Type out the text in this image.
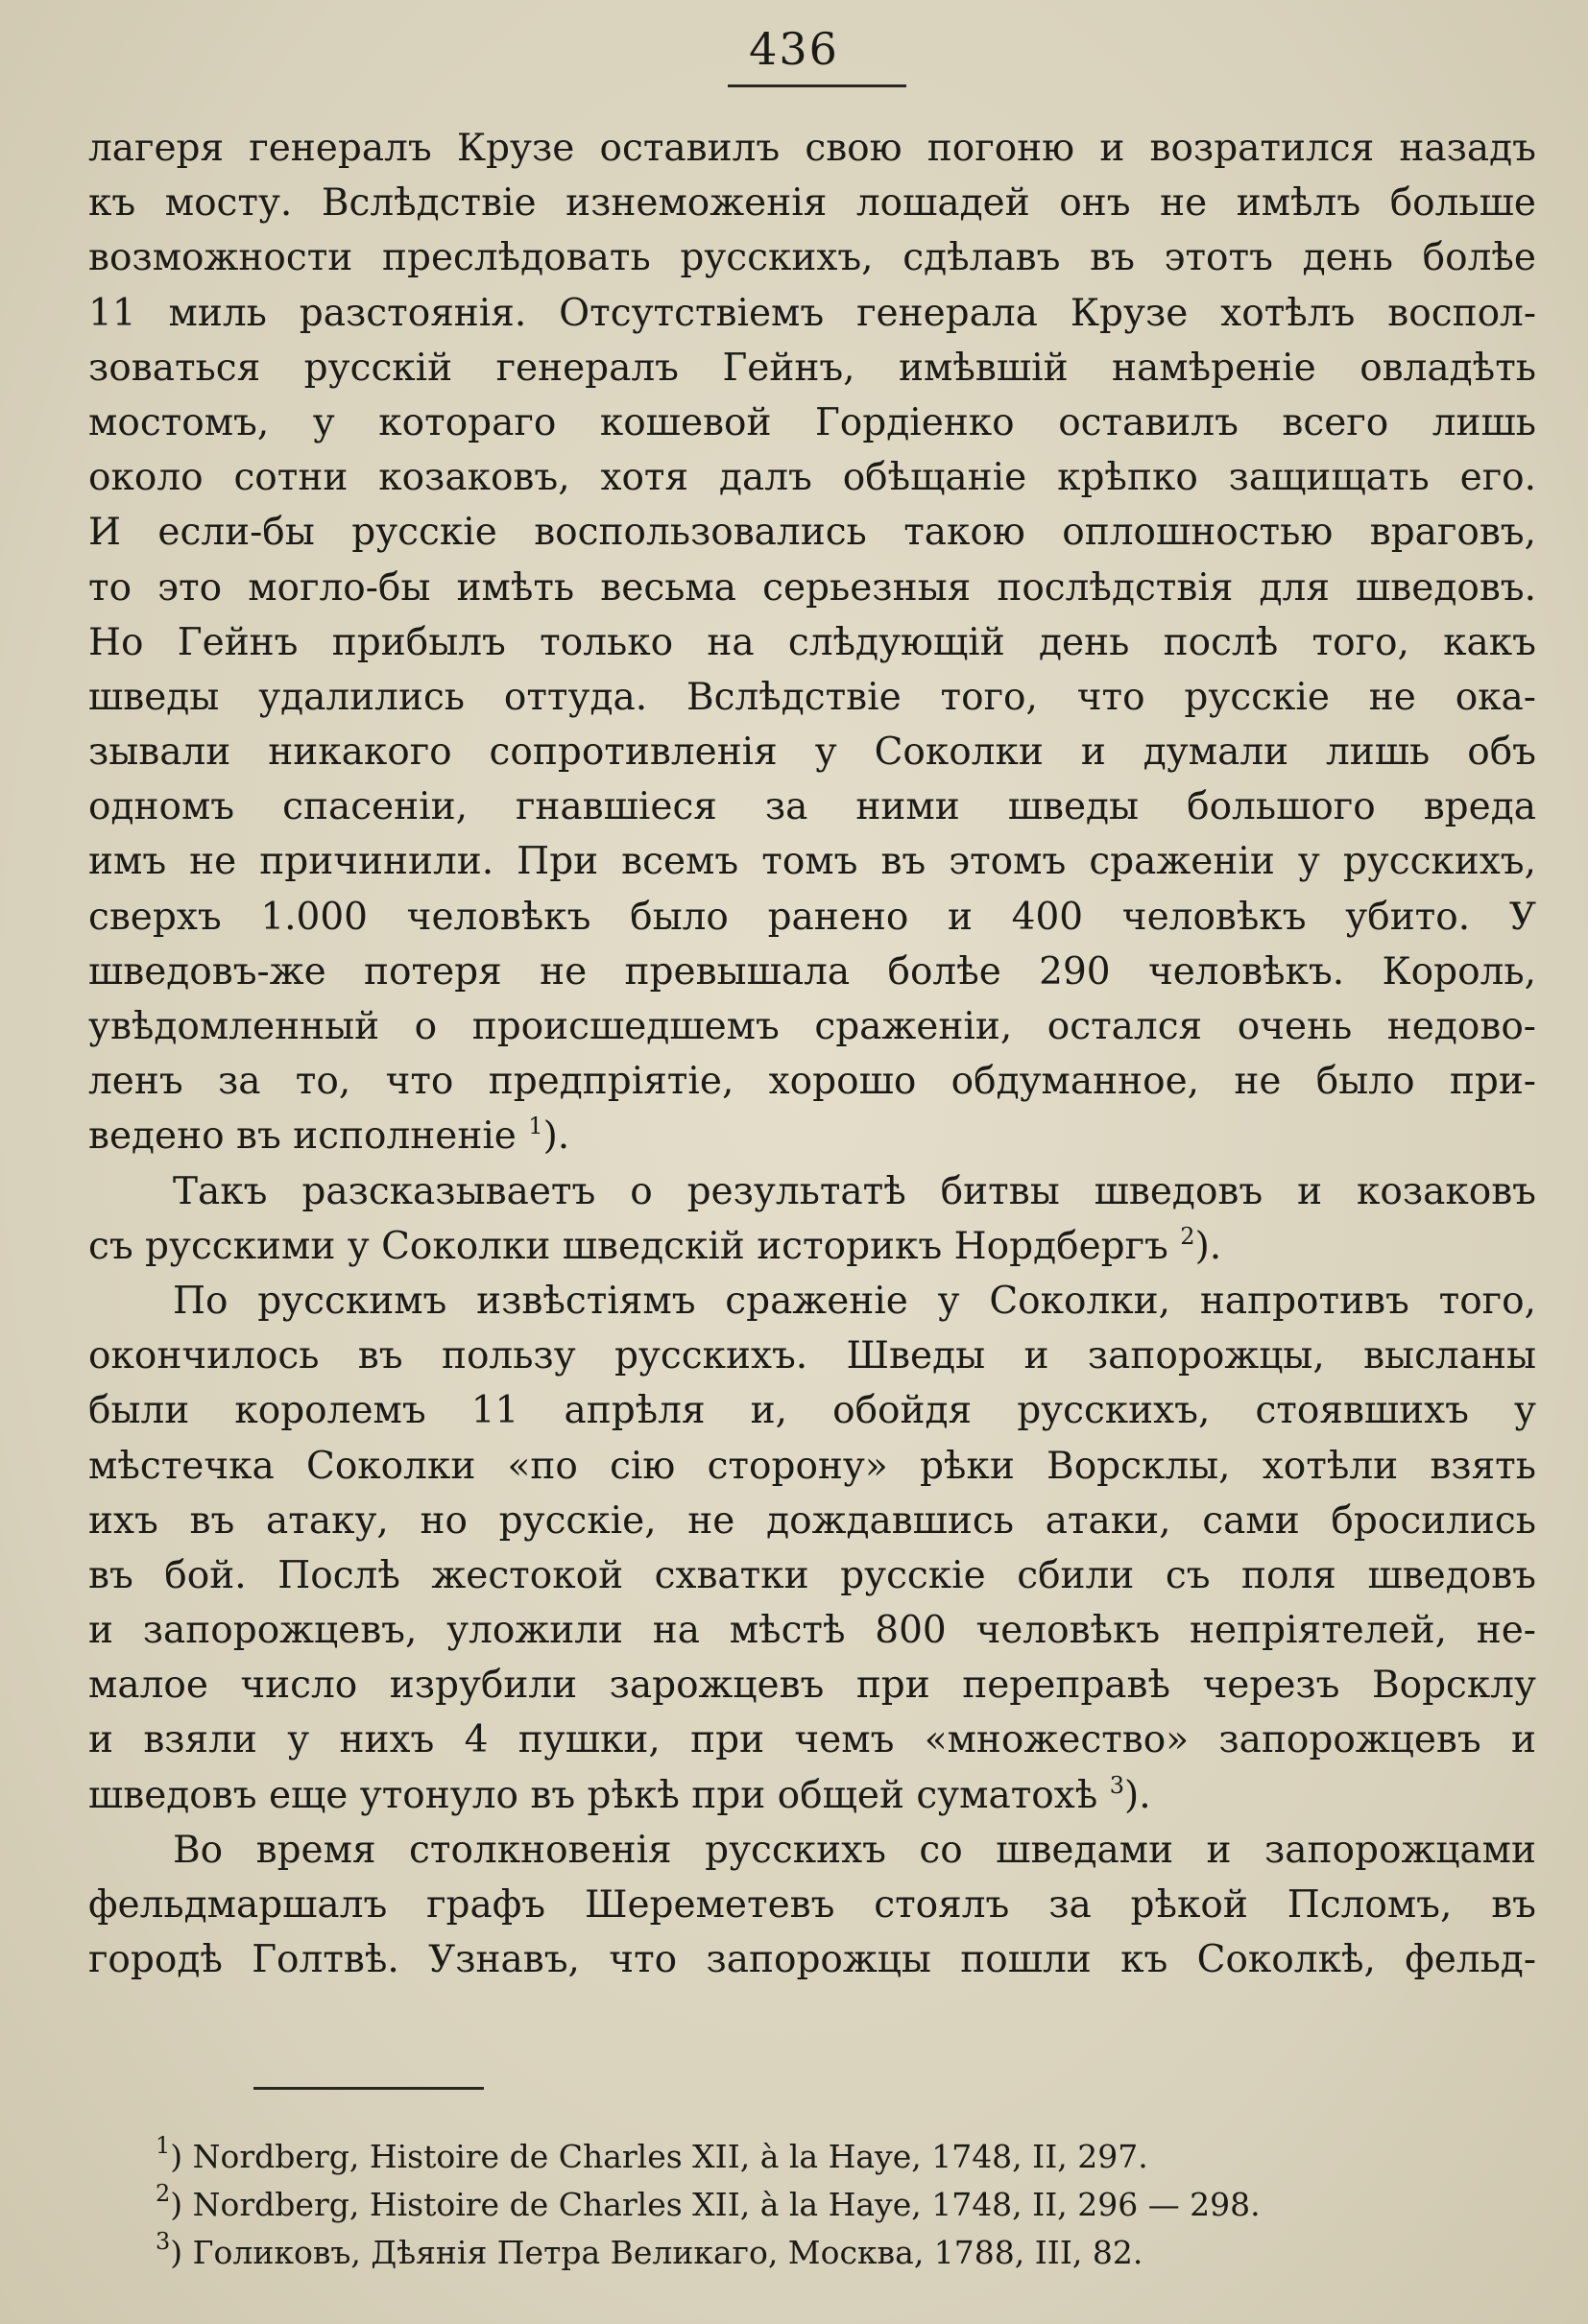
436
лагеря генералъ Крузе оставилъ свою погоню и возратился назадъ
къ мосту. Вслѣдствіе изнеможенія лошадей онъ не имѣлъ больше
возможности преслѣдовать русскихъ, сдѣлавъ въ этотъ день болѣе
11 миль разстоянія. Отсутствіемъ генерала Крузе хотѣлъ воспол-
зоваться русскій генералъ Гейнъ, имѣвшій намѣреніе овладѣть
мостомъ, у котораго кошевой Гордіенко оставилъ всего лишь
около сотни козаковъ, хотя далъ обѣщаніе крѣпко защищать его.
И если-бы русскіе воспользовались такою оплошностью враговъ,
то это могло-бы имѣть весьма серьезныя послѣдствія для шведовъ.
Но Гейнъ прибылъ только на слѣдующій день послѣ того, какъ
шведы удалились оттуда. Вслѣдствіе того, что русскіе не ока-
зывали никакого сопротивленія у Соколки и думали лишь объ
одномъ спасеніи, гнавшіеся за ними шведы большого вреда
имъ не причинили. При всемъ томъ въ этомъ сраженіи у русскихъ,
сверхъ 1.000 человѣкъ было ранено и 400 человѣкъ убито. У
шведовъ-же потеря не превышала болѣе 290 человѣкъ. Король,
увѣдомленный о происшедшемъ сраженіи, остался очень недово-
ленъ за то, что предпріятіе, хорошо обдуманное, не было при-
ведено въ исполненіе $^1$).
Такъ разсказываетъ о результатѣ битвы шведовъ и козаковъ
съ русскими у Соколки шведскій историкъ Нордбергъ $^2$).
По русскимъ извѣстіямъ сраженіе у Соколки, напротивъ того,
окончилось въ пользу русскихъ. Шведы и запорожцы, высланы
были королемъ 11 апрѣля и, обойдя русскихъ, стоявшихъ у
мѣстечка Соколки «по сію сторону» рѣки Ворсклы, хотѣли взять
ихъ въ атаку, но русскіе, не дождавшись атаки, сами бросились
въ бой. Послѣ жестокой схватки русскіе сбили съ поля шведовъ
и запорожцевъ, уложили на мѣстѣ 800 человѣкъ непріятелей, не-
малое число изрубили зарожцевъ при переправѣ черезъ Ворсклу
и взяли у нихъ 4 пушки, при чемъ «множество» запорожцевъ и
шведовъ еще утонуло въ рѣкѣ при общей суматохѣ $^3$).
Во время столкновенія русскихъ со шведами и запорожцами
фельдмаршалъ графъ Шереметевъ стоялъ за рѣкой Псломъ, въ
городѣ Голтвѣ. Узнавъ, что запорожцы пошли къ Соколкѣ, фельд-
$^1$) Nordberg, Histoire de Charles XII, à la Haye, 1748, II, 297.
$^2$) Nordberg, Histoire de Charles XII, à la Haye, 1748, II, 296 — 298.
$^3$) Голиковъ, Дѣянія Петра Великаго, Москва, 1788, III, 82.
